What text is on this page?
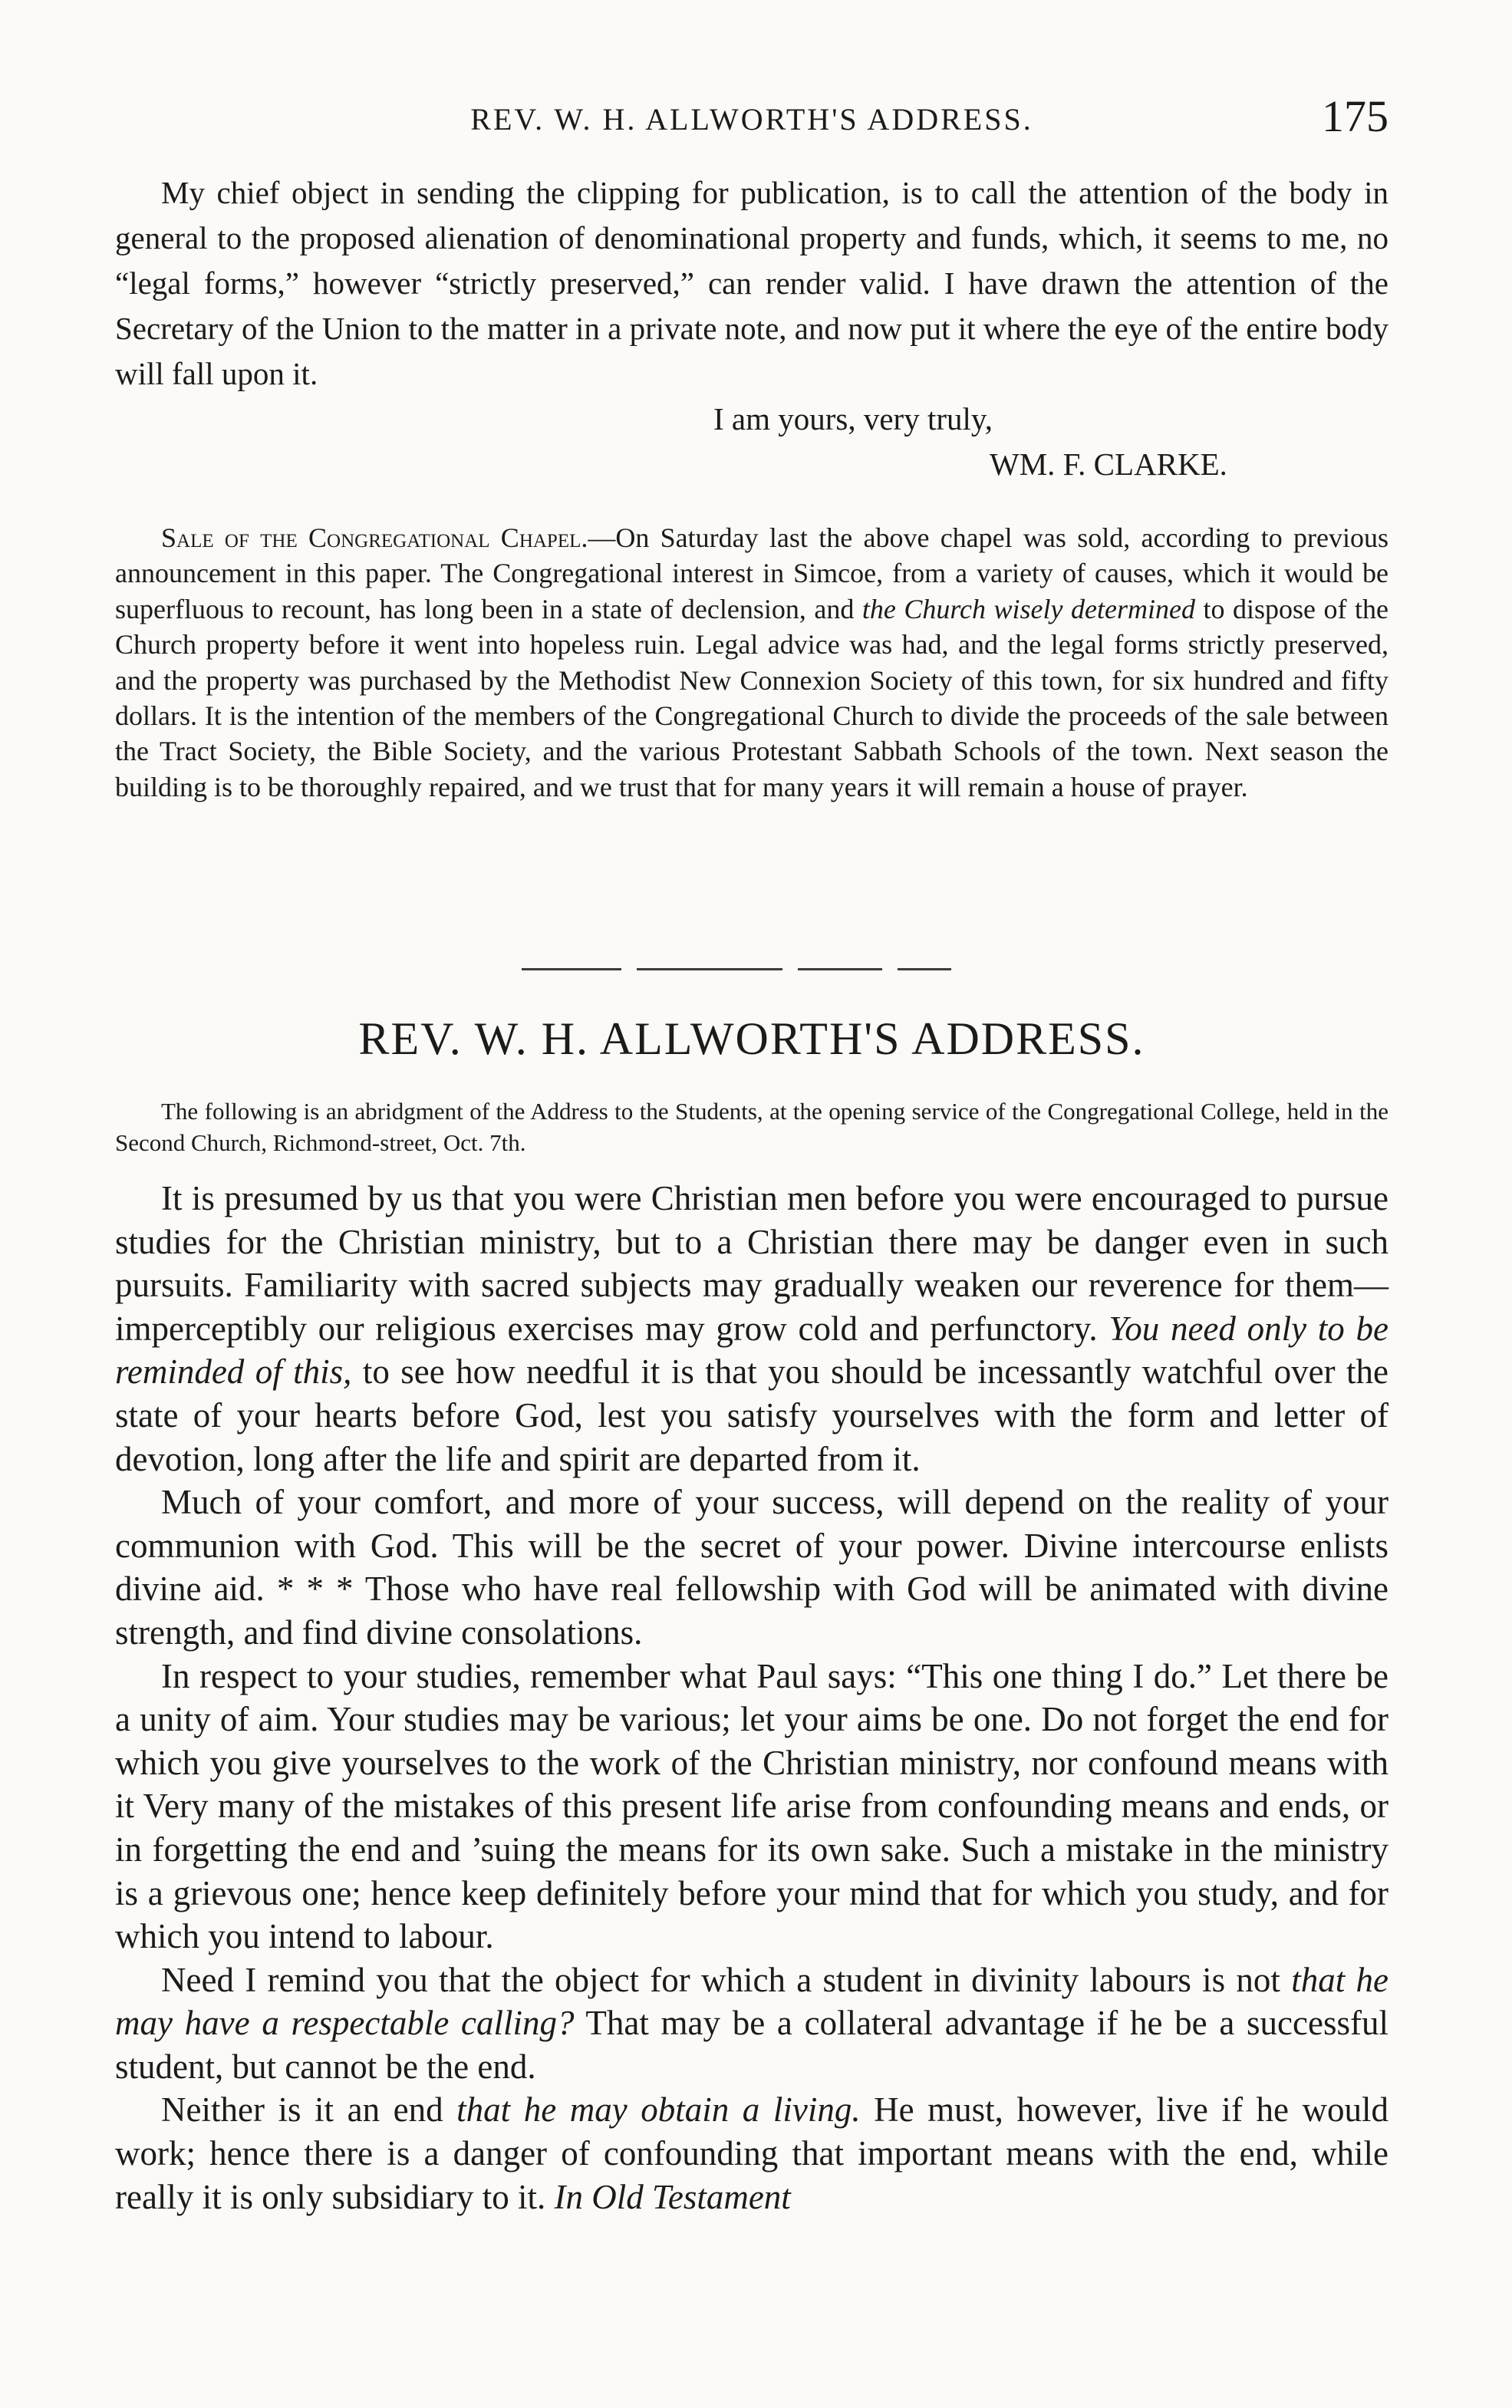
REV. W. H. ALLWORTH'S ADDRESS.	175

My chief object in sending the clipping for publication, is to call the attention of the body in general to the proposed alienation of denominational property and funds, which, it seems to me, no “legal forms,” however “strictly preserved,” can render valid. I have drawn the attention of the Secretary of the Union to the matter in a private note, and now put it where the eye of the entire body will fall upon it.

I am yours, very truly,

WM. F. CLARKE.

Sale of the Congregational Chapel.—On Saturday last the above chapel was sold, according to previous announcement in this paper. The Congregational interest in Simcoe, from a variety of causes, which it would be superfluous to recount, has long been in a state of declension, and the Church wisely determined to dispose of the Church property before it went into hopeless ruin. Legal advice was had, and the legal forms strictly preserved, and the property was purchased by the Methodist New Connexion Society of this town, for six hundred and fifty dollars. It is the intention of the members of the Congregational Church to divide the proceeds of the sale between the Tract Society, the Bible Society, and the various Protestant Sabbath Schools of the town. Next season the building is to be thoroughly repaired, and we trust that for many years it will remain a house of prayer.

REV. W. H. ALLWORTH'S ADDRESS.

The following is an abridgment of the Address to the Students, at the opening service of the Congregational College, held in the Second Church, Richmond-street, Oct. 7th.

It is presumed by us that you were Christian men before you were encouraged to pursue studies for the Christian ministry, but to a Christian there may be danger even in such pursuits. Familiarity with sacred subjects may gradually weaken our reverence for them—imperceptibly our religious exercises may grow cold and perfunctory. You need only to be reminded of this, to see how needful it is that you should be incessantly watchful over the state of your hearts before God, lest you satisfy yourselves with the form and letter of devotion, long after the life and spirit are departed from it.

Much of your comfort, and more of your success, will depend on the reality of your communion with God. This will be the secret of your power. Divine intercourse enlists divine aid. * * * Those who have real fellowship with God will be animated with divine strength, and find divine consolations.

In respect to your studies, remember what Paul says: “This one thing I do.” Let there be a unity of aim. Your studies may be various; let your aims be one. Do not forget the end for which you give yourselves to the work of the Christian ministry, nor confound means with it Very many of the mistakes of this present life arise from confounding means and ends, or in forgetting the end and ’suing the means for its own sake. Such a mistake in the ministry is a grievous one; hence keep definitely before your mind that for which you study, and for which you intend to labour.

Need I remind you that the object for which a student in divinity labours is not that he may have a respectable calling? That may be a collateral advantage if he be a successful student, but cannot be the end.

Neither is it an end that he may obtain a living. He must, however, live if he would work; hence there is a danger of confounding that important means with the end, while really it is only subsidiary to it. In Old Testament
